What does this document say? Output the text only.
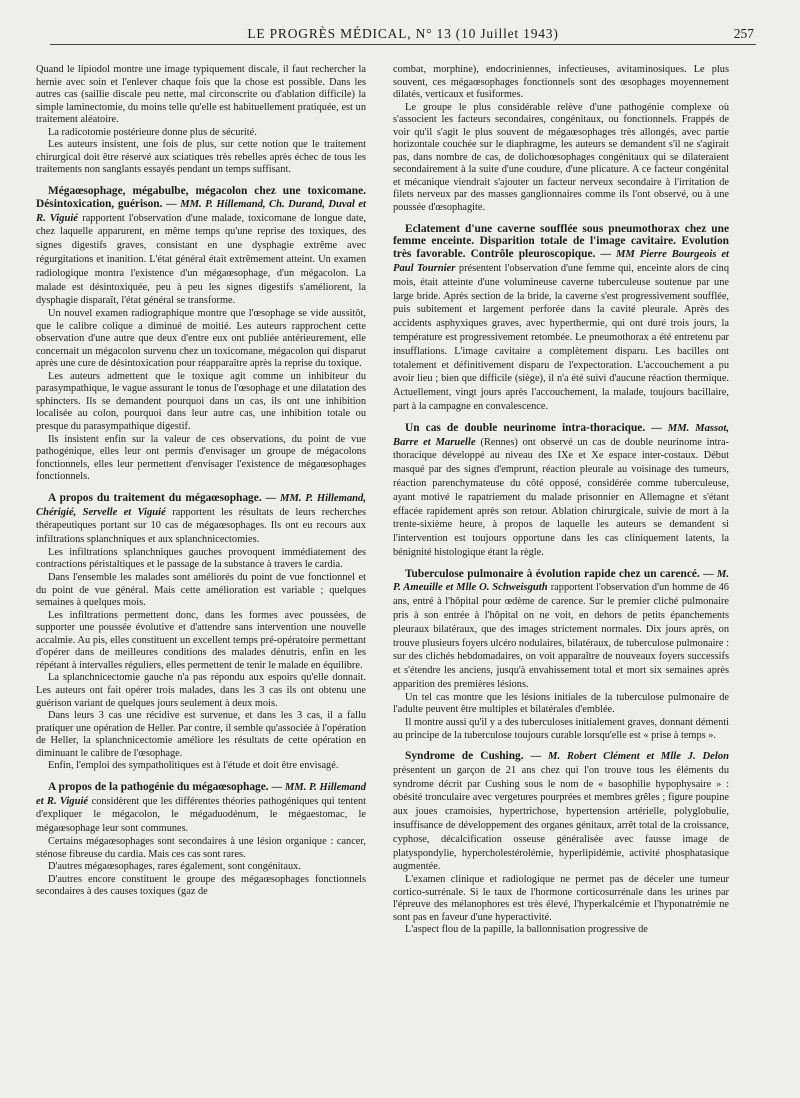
LE PROGRÈS MÉDICAL, N° 13 (10 Juillet 1943)	257

Quand le lipiodol montre une image typiquement discale, il faut rechercher la hernie avec soin et l'enlever chaque fois que la chose est possible. Dans les autres cas (saillie discale peu nette, mal circonscrite ou d'ablation difficile) la simple laminectomie, du moins telle qu'elle est habituellement pratiquée, est un traitement aléatoire.

La radicotomie postérieure donne plus de sécurité.

Les auteurs insistent, une fois de plus, sur cette notion que le traitement chirurgical doit être réservé aux sciatiques très rebelles après échec de tous les traitements non sanglants essayés pendant un temps suffisant.

Mégaœsophage, mégabulbe, mégacolon chez une toxicomane. Désintoxication, guérison. — MM. P. Hillemand, Ch. Durand, Duval et R. Viguié rapportent l'observation d'une malade, toxicomane de longue date, chez laquelle apparurent, en même temps qu'une reprise des toxiques, des signes digestifs graves, consistant en une dysphagie extrême avec régurgitations et inanition. L'état général était extrêmement atteint. Un examen radiologique montra l'existence d'un mégaœsophage, d'un mégacolon. La malade est désintoxiquée, peu à peu les signes digestifs s'améliorent, la dysphagie disparaît, l'état général se transforme.

Un nouvel examen radiographique montre que l'œsophage se vide aussitôt, que le calibre colique a diminué de moitié. Les auteurs rapprochent cette observation d'une autre que deux d'entre eux ont publiée antérieurement, elle concernait un mégacolon survenu chez un toxicomane, mégacolon qui disparut après une cure de désintoxication pour réapparaître après la reprise du toxique.

Les auteurs admettent que le toxique agit comme un inhibiteur du parasympathique, le vague assurant le tonus de l'œsophage et une dilatation des sphincters. Ils se demandent pourquoi dans un cas, ils ont une inhibition localisée au colon, pourquoi dans leur autre cas, une inhibition totale ou presque du parasympathique digestif.

Ils insistent enfin sur la valeur de ces observations, du point de vue pathogénique, elles leur ont permis d'envisager un groupe de mégacolons fonctionnels, elles leur permettent d'envisager l'existence de mégaœsophages fonctionnels.

A propos du traitement du mégaœsophage. — MM. P. Hillemand, Chérigié, Servelle et Viguié rapportent les résultats de leurs recherches thérapeutiques portant sur 10 cas de mégaœsophages. Ils ont eu recours aux infiltrations splanchniques et aux splanchnicectomies.

Les infiltrations splanchniques gauches provoquent immédiatement des contractions péristaltiques et le passage de la substance à travers le cardia.

Dans l'ensemble les malades sont améliorés du point de vue fonctionnel et du point de vue général. Mais cette amélioration est variable ; quelques semaines à quelques mois.

Les infiltrations permettent donc, dans les formes avec poussées, de supporter une poussée évolutive et d'attendre sans intervention une nouvelle accalmie. Au pis, elles constituent un excellent temps pré-opératoire permettant d'opérer dans de meilleures conditions des malades dénutris, enfin en les répétant à intervalles réguliers, elles permettent de tenir le malade en équilibre.

La splanchnicectomie gauche n'a pas répondu aux espoirs qu'elle donnait. Les auteurs ont fait opérer trois malades, dans les 3 cas ils ont obtenu une guérison variant de quelques jours seulement à deux mois.

Dans leurs 3 cas une récidive est survenue, et dans les 3 cas, il a fallu pratiquer une opération de Heller. Par contre, il semble qu'associée à l'opération de Heller, la splanchnicectomie améliore les résultats de cette opération en diminuant le calibre de l'œsophage.

Enfin, l'emploi des sympatholitiques est à l'étude et doit être envisagé.

A propos de la pathogénie du mégaœsophage. — MM. P. Hillemand et R. Viguié considèrent que les différentes théories pathogéniques qui tentent d'expliquer le mégacolon, le mégaduodénum, le mégaestomac, le mégaœsophage leur sont communes.

Certains mégaœsophages sont secondaires à une lésion organique : cancer, sténose fibreuse du cardia. Mais ces cas sont rares.

D'autres mégaœsophages, rares également, sont congénitaux.

D'autres encore constituent le groupe des mégaœsophages fonctionnels secondaires à des causes toxiques (gaz de

combat, morphine), endocriniennes, infectieuses, avitaminosiques. Le plus souvent, ces mégaœsophages fonctionnels sont des œsophages moyennement dilatés, verticaux et fusiformes.

Le groupe le plus considérable relève d'une pathogénie complexe où s'associent les facteurs secondaires, congénitaux, ou fonctionnels. Frappés de voir qu'il s'agit le plus souvent de mégaœsophages très allongés, avec partie horizontale couchée sur le diaphragme, les auteurs se demandent s'il ne s'agirait pas, dans nombre de cas, de dolichoœsophages congénitaux qui se dilateraient secondairement à la suite d'une coudure, d'une plicature. A ce facteur congénital et mécanique viendrait s'ajouter un facteur nerveux secondaire à l'irritation de filets nerveux par des masses ganglionnaires comme ils l'ont observé, ou à une poussée d'œsophagite.

Eclatement d'une caverne soufflée sous pneumothorax chez une femme enceinte. Disparition totale de l'image cavitaire. Evolution très favorable. Contrôle pleuroscopique. — MM Pierre Bourgeois et Paul Tournier présentent l'observation d'une femme qui, enceinte alors de cinq mois, était atteinte d'une volumineuse caverne tuberculeuse soutenue par une large bride. Après section de la bride, la caverne s'est progressivement soufflée, puis subitement et largement perforée dans la cavité pleurale. Après des accidents asphyxiques graves, avec hyperthermie, qui ont duré trois jours, la température est progressivement retombée. Le pneumothorax a été entretenu par insufflations. L'image cavitaire a complètement disparu. Les bacilles ont totalement et définitivement disparu de l'expectoration. L'accouchement a pu avoir lieu ; bien que difficile (siège), il n'a été suivi d'aucune réaction thermique. Actuellement, vingt jours après l'accouchement, la malade, toujours bacillaire, part à la campagne en convalescence.
Un cas de double neurinome intra-thoracique. — MM. Massot, Barre et Maruelle (Rennes) ont observé un cas de double neurinome intra-thoracique développé au niveau des IXe et Xe espace inter-costaux. Début masqué par des signes d'emprunt, réaction pleurale au voisinage des tumeurs, réaction parenchymateuse du côté opposé, considérée comme tuberculeuse, ayant motivé le rapatriement du malade prisonnier en Allemagne et s'étant effacée rapidement après son retour. Ablation chirurgicale, suivie de mort à la trente-sixième heure, à propos de laquelle les auteurs se demandent si l'intervention est toujours opportune dans les cas cliniquement latents, la bénignité histologique étant la règle.
Tuberculose pulmonaire à évolution rapide chez un carencé. — M. P. Ameuille et Mlle O. Schweisguth rapportent l'observation d'un homme de 46 ans, entré à l'hôpital pour œdème de carence. Sur le premier cliché pulmonaire pris à son entrée à l'hôpital on ne voit, en dehors de petits épanchements pleuraux bilatéraux, que des images strictement normales. Dix jours après, on trouve plusieurs foyers ulcéro nodulaires, bilatéraux, de tuberculose pulmonaire : sur des clichés hebdomadaires, on voit apparaître de nouveaux foyers successifs et s'étendre les anciens, jusqu'à envahissement total et mort six semaines après apparition des premières lésions.

Un tel cas montre que les lésions initiales de la tuberculose pulmonaire de l'adulte peuvent être multiples et bilatérales d'emblée.

Il montre aussi qu'il y a des tuberculoses initialement graves, donnant démenti au principe de la tuberculose toujours curable lorsqu'elle est « prise à temps ».

Syndrome de Cushing. — M. Robert Clément et Mlle J. Delon présentent un garçon de 21 ans chez qui l'on trouve tous les éléments du syndrome décrit par Cushing sous le nom de « basophilie hypophysaire » : obésité tronculaire avec vergetures pourprées et membres grêles ; figure poupine aux joues cramoisies, hypertrichose, hypertension artérielle, polyglobulie, insuffisance de développement des organes génitaux, arrêt total de la croissance, cyphose, décalcification osseuse généralisée avec fausse image de platyspondylie, hypercholestérolémie, hyperlipidémie, activité phosphatasique augmentée.

L'examen clinique et radiologique ne permet pas de déceler une tumeur cortico-surrénale. Si le taux de l'hormone corticosurrénale dans les urines par l'épreuve des mélanophores est très élevé, l'hyperkalcémie et l'hyponatrémie ne sont pas en faveur d'une hyperactivité.

L'aspect flou de la papille, la ballonnisation progressive de
